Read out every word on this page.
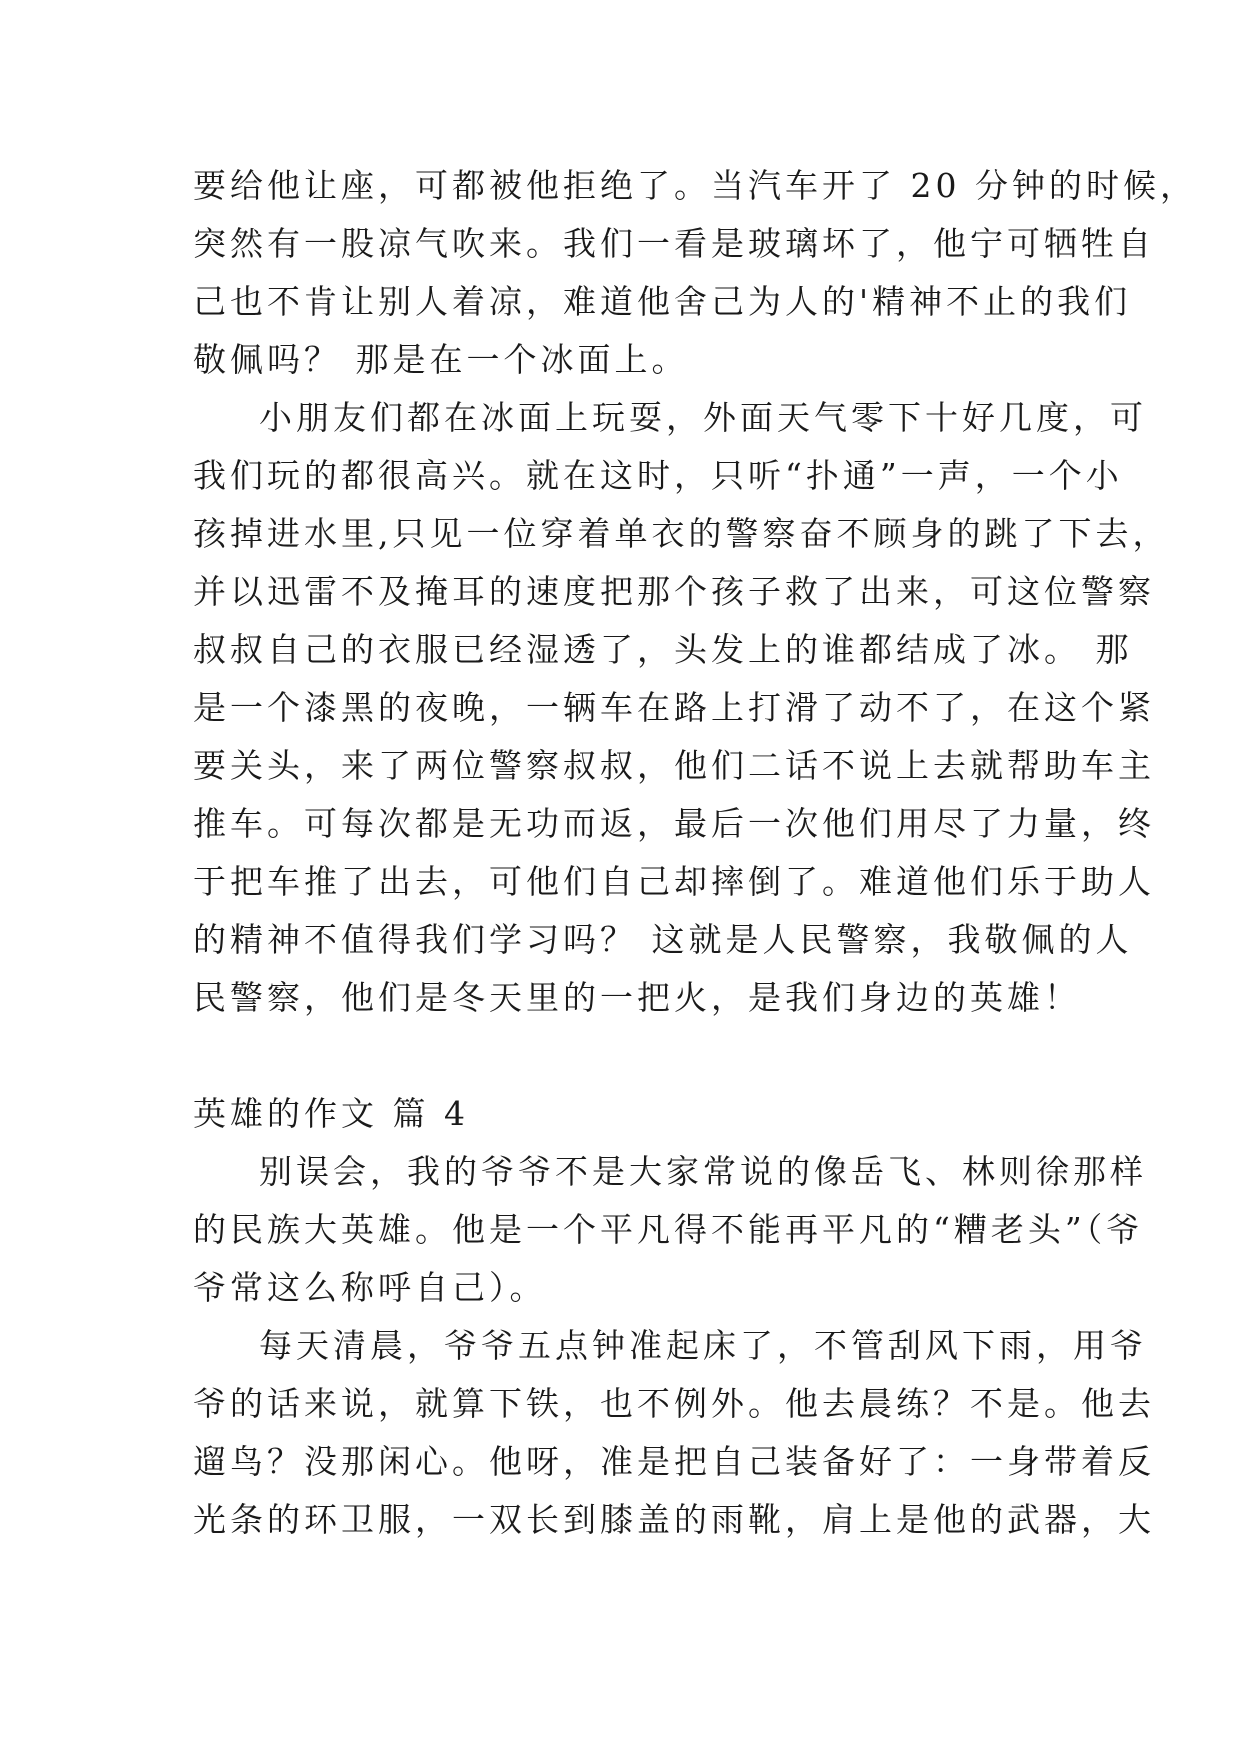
要给他让座，可都被他拒绝了。当汽车开了 20 分钟的时候，
突然有一股凉气吹来。我们一看是玻璃坏了，他宁可牺牲自
己也不肯让别人着凉，难道他舍己为人的'精神不止的我们
敬佩吗？ 那是在一个冰面上。
小朋友们都在冰面上玩耍，外面天气零下十好几度，可
我们玩的都很高兴。就在这时，只听“扑通”一声，一个小
孩掉进水里,只见一位穿着单衣的警察奋不顾身的跳了下去，
并以迅雷不及掩耳的速度把那个孩子救了出来，可这位警察
叔叔自己的衣服已经湿透了，头发上的谁都结成了冰。 那
是一个漆黑的夜晚，一辆车在路上打滑了动不了，在这个紧
要关头，来了两位警察叔叔，他们二话不说上去就帮助车主
推车。可每次都是无功而返，最后一次他们用尽了力量，终
于把车推了出去，可他们自己却摔倒了。难道他们乐于助人
的精神不值得我们学习吗？ 这就是人民警察，我敬佩的人
民警察，他们是冬天里的一把火，是我们身边的英雄！
英雄的作文 篇 4
别误会，我的爷爷不是大家常说的像岳飞、林则徐那样
的民族大英雄。他是一个平凡得不能再平凡的“糟老头”（爷
爷常这么称呼自己）。
每天清晨，爷爷五点钟准起床了，不管刮风下雨，用爷
爷的话来说，就算下铁，也不例外。他去晨练？不是。他去
遛鸟？没那闲心。他呀，准是把自己装备好了：一身带着反
光条的环卫服，一双长到膝盖的雨靴，肩上是他的武器，大
